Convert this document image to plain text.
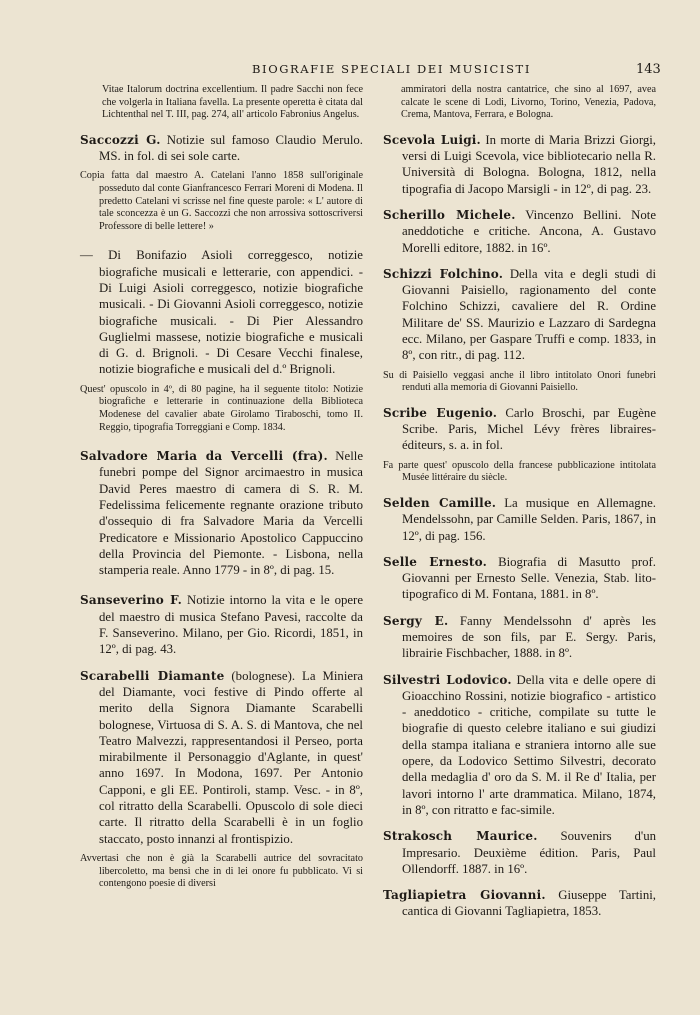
BIOGRAFIE SPECIALI DEI MUSICISTI	143

Vitae Italorum doctrina excellentium. Il padre Sacchi non fece che volgerla in Italiana favella. La presente operetta è citata dal Lichtenthal nel T. III, pag. 274, all' articolo Fabronius Angelus.

Saccozzi G. Notizie sul famoso Claudio Merulo. MS. in fol. di sei sole carte.

Copia fatta dal maestro A. Catelani l'anno 1858 sull'originale posseduto dal conte Gianfrancesco Ferrari Moreni di Modena. Il predetto Catelani vi scrisse nel fine queste parole: « L' autore di tale sconcezza è un G. Saccozzi che non arrossiva sottoscriversi Professore di belle lettere! »

— Di Bonifazio Asioli correggesco, notizie biografiche musicali e letterarie, con appendici. - Di Luigi Asioli correggesco, notizie biografiche musicali. - Di Giovanni Asioli correggesco, notizie biografiche musicali. - Di Pier Alessandro Guglielmi massese, notizie biografiche e musicali di G. d. Brignoli. - Di Cesare Vecchi finalese, notizie biografiche e musicali del d.º Brignoli.

Quest' opuscolo in 4º, di 80 pagine, ha il seguente titolo: Notizie biografiche e letterarie in continuazione della Biblioteca Modenese del cavalier abate Girolamo Tiraboschi, tomo II. Reggio, tipografia Torreggiani e Comp. 1834.

Salvadore Maria da Vercelli (fra). Nelle funebri pompe del Signor arcimaestro in musica David Peres maestro di camera di S. R. M. Fedelissima felicemente regnante orazione tributo d'ossequio di fra Salvadore Maria da Vercelli Predicatore e Missionario Apostolico Cappuccino della Provincia del Piemonte. - Lisbona, nella stamperia reale. Anno 1779 - in 8º, di pag. 15.

Sanseverino F. Notizie intorno la vita e le opere del maestro di musica Stefano Pavesi, raccolte da F. Sanseverino. Milano, per Gio. Ricordi, 1851, in 12º, di pag. 43.

Scarabelli Diamante (bolognese). La Miniera del Diamante, voci festive di Pindo offerte al merito della Signora Diamante Scarabelli bolognese, Virtuosa di S. A. S. di Mantova, che nel Teatro Malvezzi, rappresentandosi il Perseo, porta mirabilmente il Personaggio d'Aglante, in quest' anno 1697. In Modona, 1697. Per Antonio Capponi, e gli EE. Pontiroli, stamp. Vesc. - in 8º, col ritratto della Scarabelli. Opuscolo di sole dieci carte. Il ritratto della Scarabelli è in un foglio staccato, posto innanzi al frontispizio.

Avvertasi che non è già la Scarabelli autrice del sovracitato libercoletto, ma bensì che in di lei onore fu pubblicato. Vi si contengono poesie di diversi

ammiratori della nostra cantatrice, che sino al 1697, avea calcate le scene di Lodi, Livorno, Torino, Venezia, Padova, Crema, Mantova, Ferrara, e Bologna.

Scevola Luigi. In morte di Maria Brizzi Giorgi, versi di Luigi Scevola, vice bibliotecario nella R. Università di Bologna. Bologna, 1812, nella tipografia di Jacopo Marsigli - in 12º, di pag. 23.

Scherillo Michele. Vincenzo Bellini. Note aneddotiche e critiche. Ancona, A. Gustavo Morelli editore, 1882. in 16º.

Schizzi Folchino. Della vita e degli studi di Giovanni Paisiello, ragionamento del conte Folchino Schizzi, cavaliere del R. Ordine Militare de' SS. Maurizio e Lazzaro di Sardegna ecc. Milano, per Gaspare Truffi e comp. 1833, in 8º, con ritr., di pag. 112.

Su di Paisiello veggasi anche il libro intitolato Onori funebri renduti alla memoria di Giovanni Paisiello.

Scribe Eugenio. Carlo Broschi, par Eugène Scribe. Paris, Michel Lévy frères libraires-éditeurs, s. a. in fol.

Fa parte quest' opuscolo della francese pubblicazione intitolata Musée littéraire du siècle.

Selden Camille. La musique en Allemagne. Mendelssohn, par Camille Selden. Paris, 1867, in 12º, di pag. 156.

Selle Ernesto. Biografia di Masutto prof. Giovanni per Ernesto Selle. Venezia, Stab. lito-tipografico di M. Fontana, 1881. in 8º.

Sergy E. Fanny Mendelssohn d' après les memoires de son fils, par E. Sergy. Paris, librairie Fischbacher, 1888. in 8º.

Silvestri Lodovico. Della vita e delle opere di Gioacchino Rossini, notizie biografico - artistico - aneddotico - critiche, compilate su tutte le biografie di questo celebre italiano e sui giudizi della stampa italiana e straniera intorno alle sue opere, da Lodovico Settimo Silvestri, decorato della medaglia d' oro da S. M. il Re d' Italia, per lavori intorno l' arte drammatica. Milano, 1874, in 8º, con ritratto e fac-simile.

Strakosch Maurice. Souvenirs d'un Impresario. Deuxième édition. Paris, Paul Ollendorff. 1887. in 16º.

Tagliapietra Giovanni. Giuseppe Tartini, cantica di Giovanni Tagliapietra, 1853.
